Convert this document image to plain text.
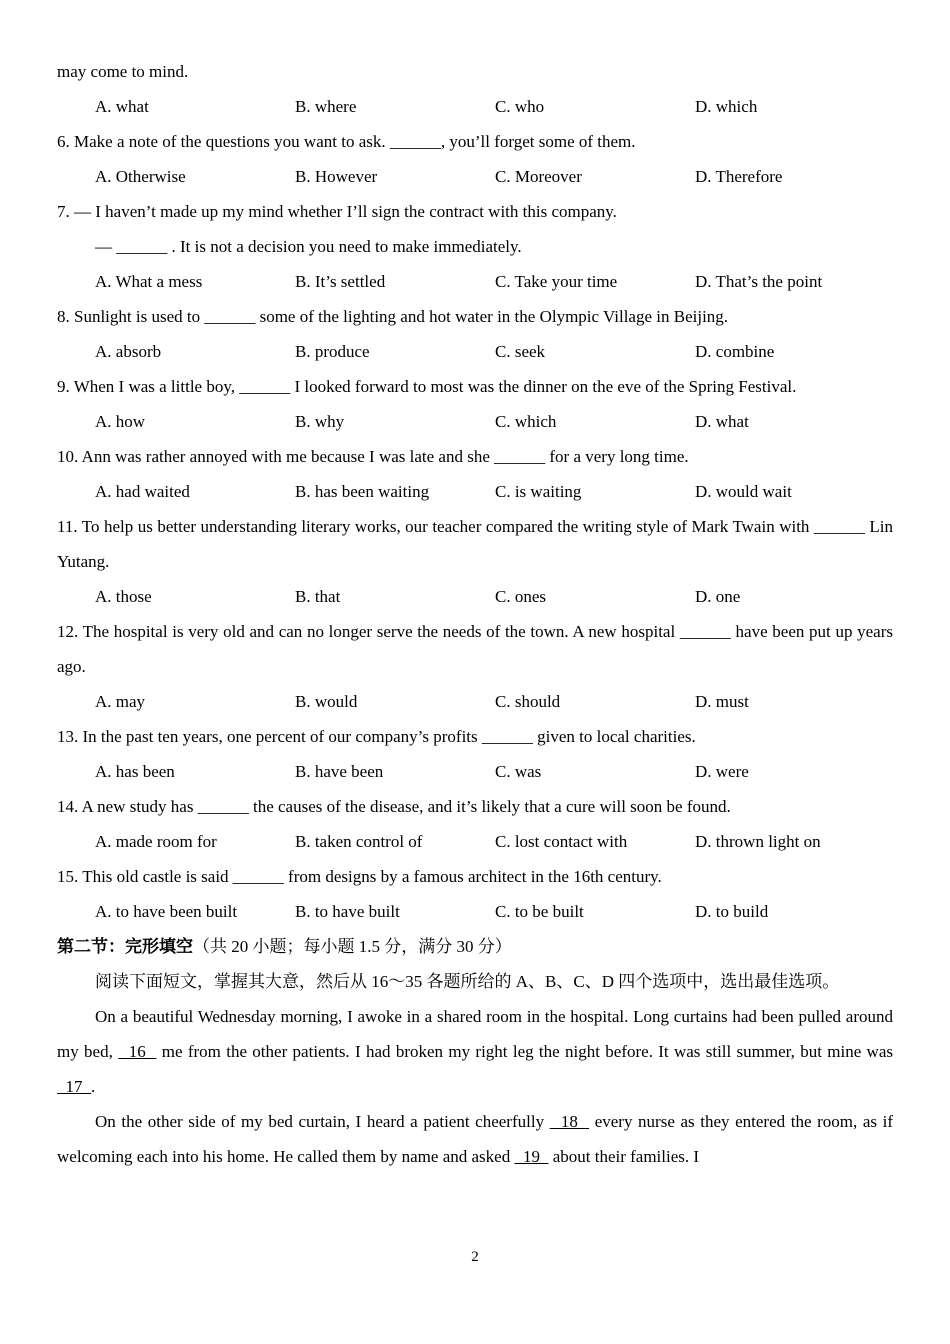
may come to mind.
A. what	B. where	C. who	D. which
6. Make a note of the questions you want to ask. ______, you’ll forget some of them.
A. Otherwise	B. However	C. Moreover	D. Therefore
7. — I haven’t made up my mind whether I’ll sign the contract with this company.
— ______ . It is not a decision you need to make immediately.
A. What a mess	B. It’s settled	C. Take your time	D. That’s the point
8. Sunlight is used to ______ some of the lighting and hot water in the Olympic Village in Beijing.
A. absorb	B. produce	C. seek	D. combine
9. When I was a little boy, ______ I looked forward to most was the dinner on the eve of the Spring Festival.
A. how	B. why	C. which	D. what
10. Ann was rather annoyed with me because I was late and she ______ for a very long time.
A. had waited	B. has been waiting	C. is waiting	D. would wait
11. To help us better understanding literary works, our teacher compared the writing style of Mark Twain with ______ Lin Yutang.
A. those	B. that	C. ones	D. one
12. The hospital is very old and can no longer serve the needs of the town. A new hospital ______ have been put up years ago.
A. may	B. would	C. should	D. must
13. In the past ten years, one percent of our company’s profits ______ given to local charities.
A. has been	B. have been	C. was	D. were
14. A new study has ______ the causes of the disease, and it’s likely that a cure will soon be found.
A. made room for	B. taken control of	C. lost contact with	D. thrown light on
15. This old castle is said ______ from designs by a famous architect in the 16th century.
A. to have been built	B. to have built	C. to be built	D. to build
第二节：完形填空（共 20 小题；每小题 1.5 分，满分 30 分）
阅读下面短文，掌握其大意，然后从 16～35 各题所给的 A、B、C、D 四个选项中，选出最佳选项。
On a beautiful Wednesday morning, I awoke in a shared room in the hospital. Long curtains had been pulled around my bed,   16   me from the other patients. I had broken my right leg the night before. It was still summer, but mine was   17  .
On the other side of my bed curtain, I heard a patient cheerfully   18   every nurse as they entered the room, as if welcoming each into his home. He called them by name and asked   19   about their families. I
2
